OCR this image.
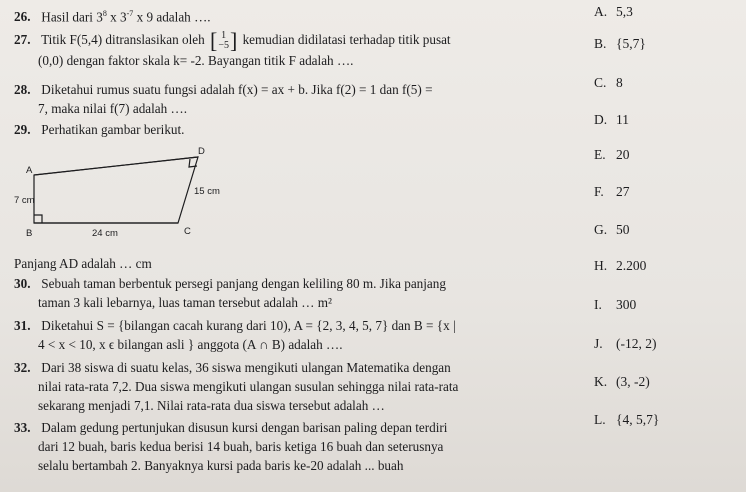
26. Hasil dari $3^8$ x $3^{-7}$ x 9 adalah ….
27. Titik F(5,4) ditranslasikan oleh [ 1
−5 ] kemudian didilatasi terhadap titik pusat
(0,0) dengan faktor skala k= -2. Bayangan titik F adalah ….
28. Diketahui rumus suatu fungsi adalah f(x) = ax + b. Jika f(2) = 1 dan f(5) =
7, maka nilai f(7) adalah ….
29. Perhatikan gambar berikut.
A
B	C
D
7 cm
24 cm
15 cm
Panjang AD adalah … cm
30. Sebuah taman berbentuk persegi panjang dengan keliling 80 m. Jika panjang
taman 3 kali lebarnya, luas taman tersebut adalah … m²
31. Diketahui S = {bilangan cacah kurang dari 10), A = {2, 3, 4, 5, 7} dan B = {x |
4 < x < 10, x ϵ bilangan asli } anggota (A ∩ B) adalah ….
32. Dari 38 siswa di suatu kelas, 36 siswa mengikuti ulangan Matematika dengan
nilai rata-rata 7,2. Dua siswa mengikuti ulangan susulan sehingga nilai rata-rata
sekarang menjadi 7,1. Nilai rata-rata dua siswa tersebut adalah …
33. Dalam gedung pertunjukan disusun kursi dengan barisan paling depan terdiri
dari 12 buah, baris kedua berisi 14 buah, baris ketiga 16 buah dan seterusnya
selalu bertambah 2. Banyaknya kursi pada baris ke-20 adalah ... buah
A. 5,3
B. {5,7}
C. 8
D. 11
E. 20
F. 27
G. 50
H. 2.200
I. 300
J. (-12, 2)
K. (3, -2)
L. {4, 5,7}
